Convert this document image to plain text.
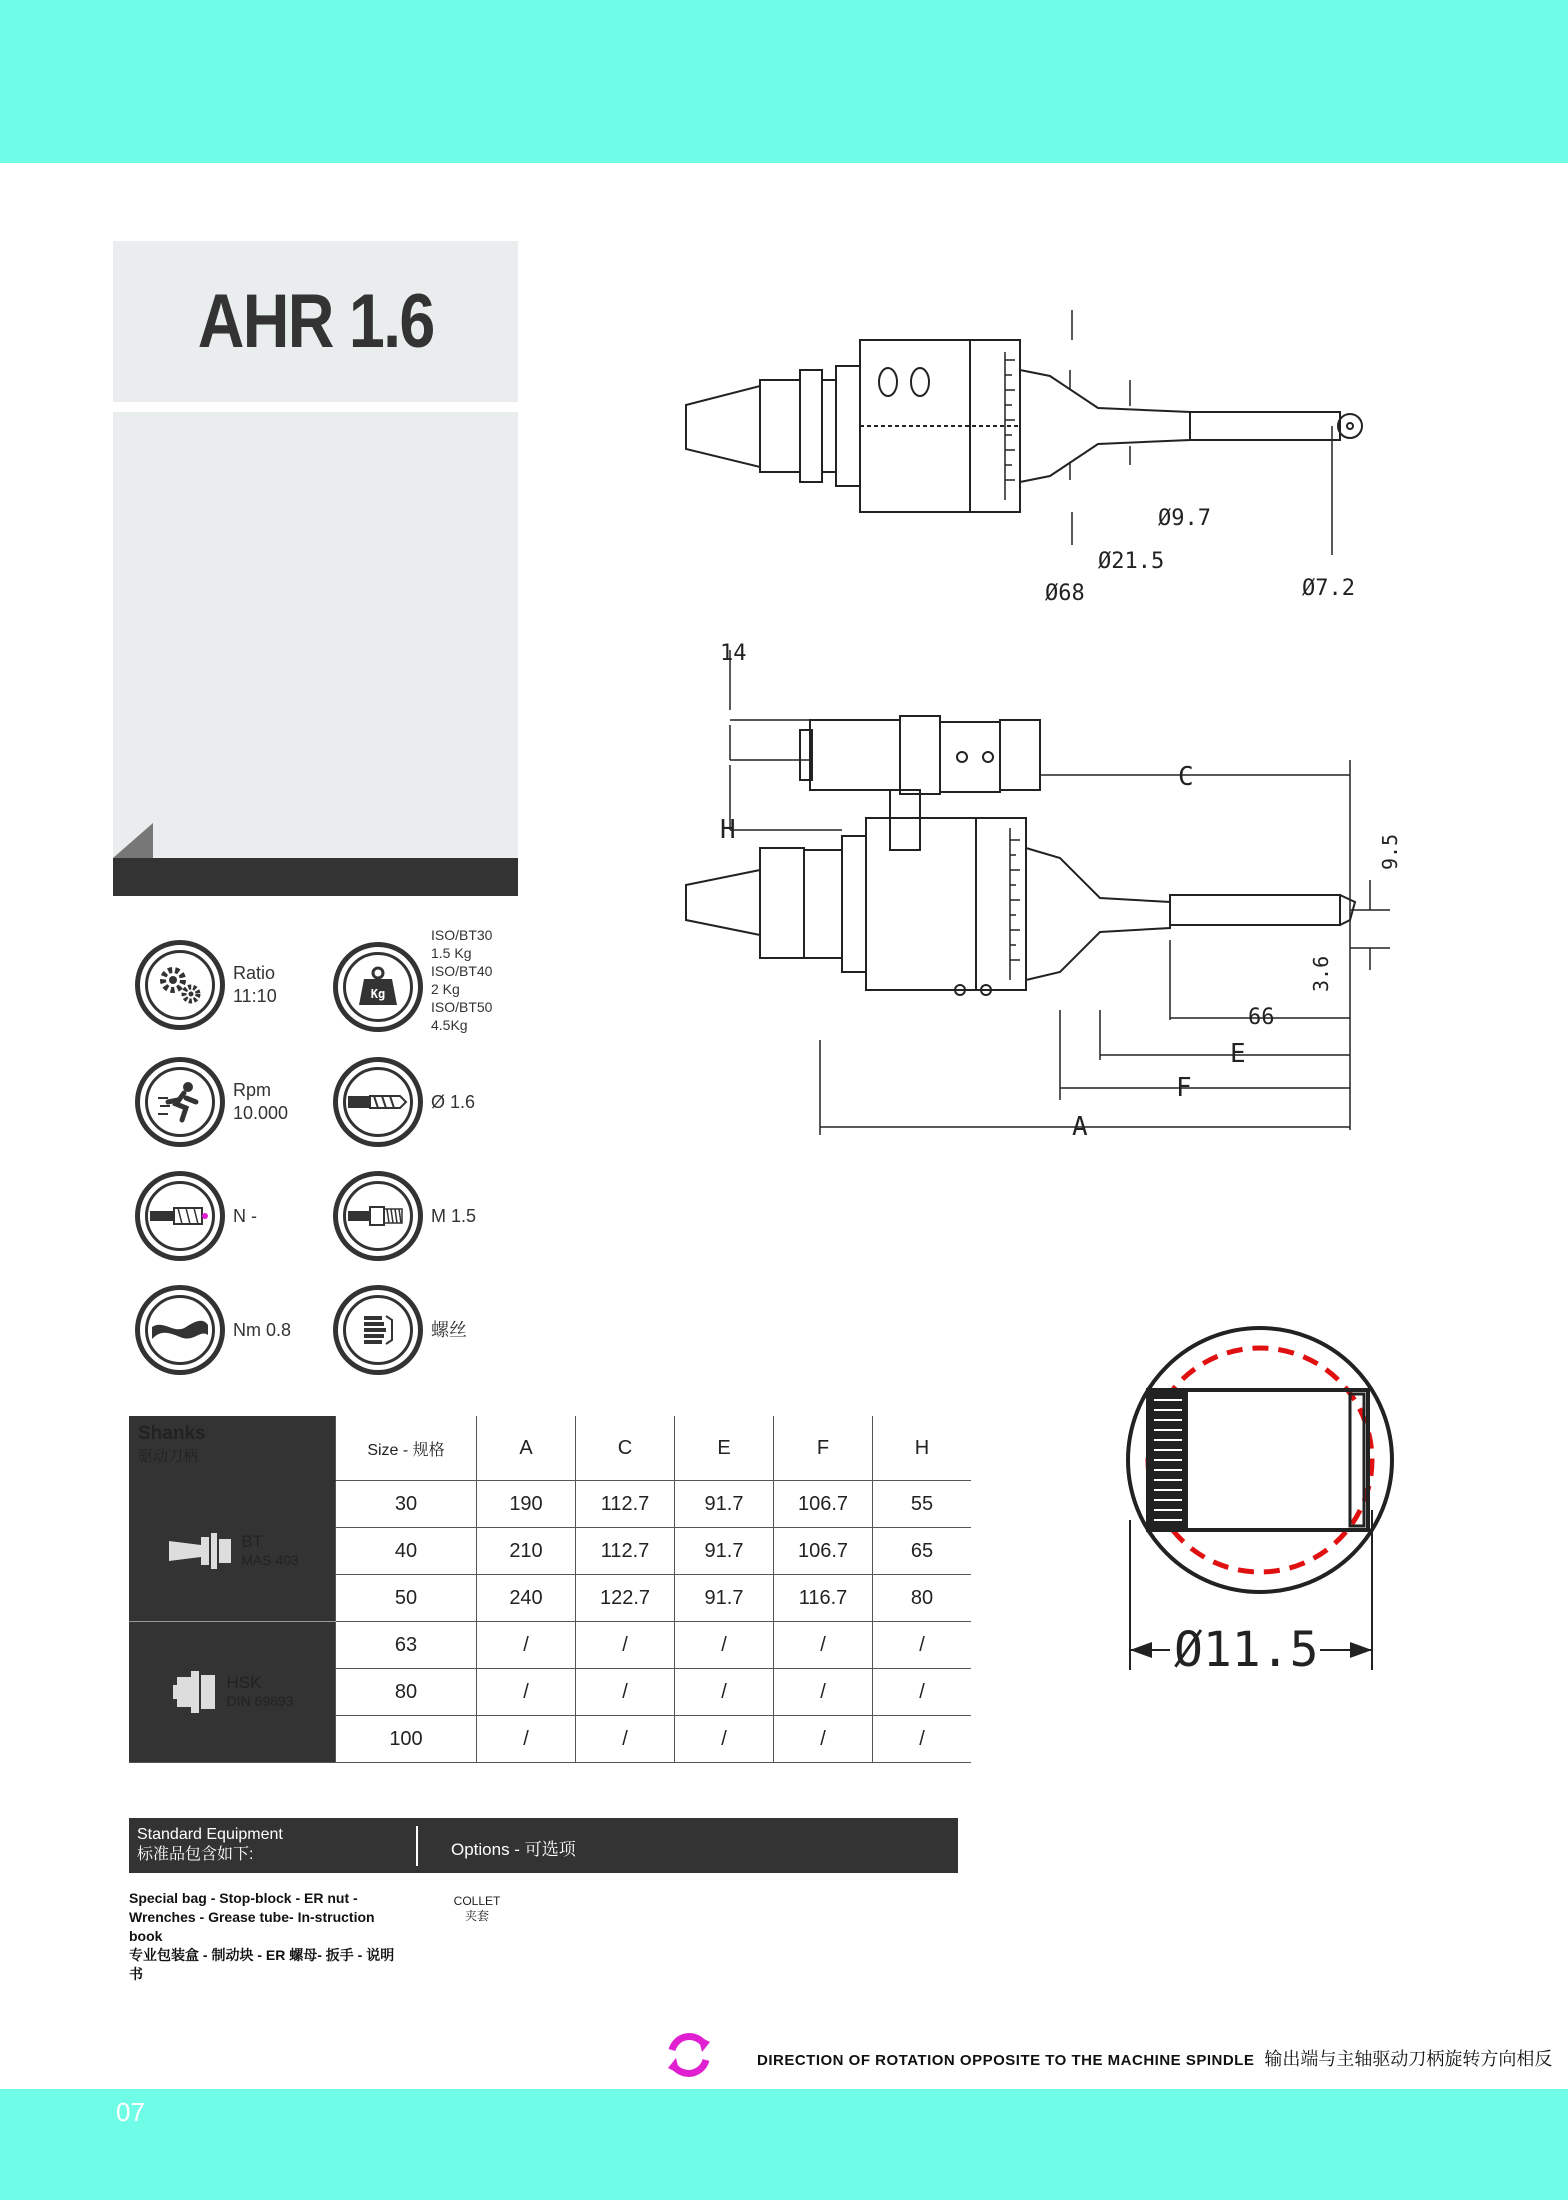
AHR 1.6
Ratio
11:10	Kg
ISO/BT30
1.5 Kg
ISO/BT40
2 Kg
ISO/BT50
4.5Kg
Rpm
10.000
Ø 1.6
N -	M 1.5
Nm 0.8	螺丝
Ø9.7
Ø21.5
Ø68	Ø7.2
14
H
C
9.5
3.6
66
E
F
A
Ø11.5
Shanks
驱动刀柄	Size - 规格	A	C	E	F	H

BT
MAS 403	30	190	112.7	91.7	106.7	55
	40	210	112.7	91.7	106.7	65
	50	240	122.7	91.7	116.7	80

HSK
DIN 69893	63	/	/	/	/	/
	80	/	/	/	/	/
	100	/	/	/	/	/
Standard Equipment
标准品包含如下:	Options - 可选项
Special bag - Stop-block - ER nut - Wrenches - Grease tube- In-struction book
专业包装盒 - 制动块 - ER 螺母- 扳手 - 说明书
COLLET
夹套
DIRECTION OF ROTATION OPPOSITE TO THE MACHINE SPINDLE 输出端与主轴驱动刀柄旋转方向相反
07
